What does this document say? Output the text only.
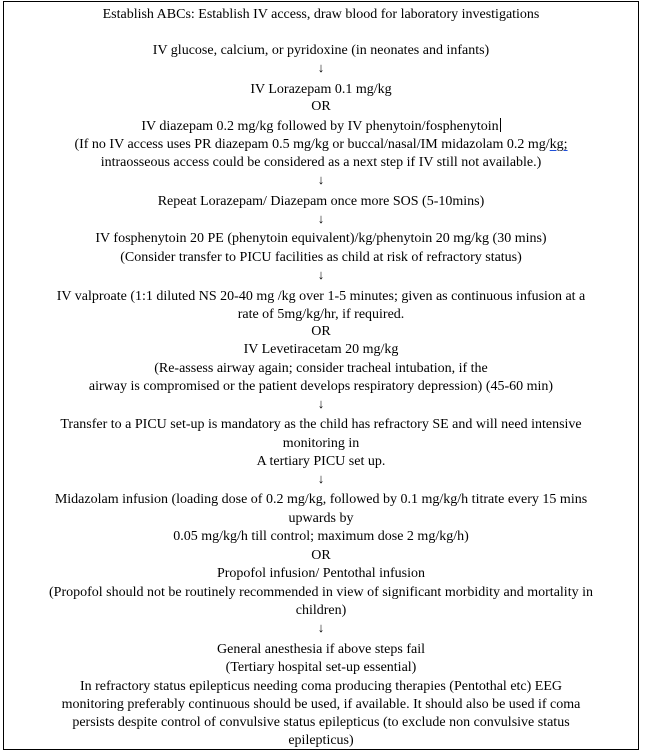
Establish ABCs: Establish IV access, draw blood for laboratory investigations
IV glucose, calcium, or pyridoxine (in neonates and infants)
↓
IV Lorazepam 0.1 mg/kg
OR
IV diazepam 0.2 mg/kg followed by IV phenytoin/fosphenytoin
(If no IV access uses PR diazepam 0.5 mg/kg or buccal/nasal/IM midazolam 0.2 mg/kg;
intraosseous access could be considered as a next step if IV still not available.)
↓
Repeat Lorazepam/ Diazepam once more SOS (5-10mins)
↓
IV fosphenytoin 20 PE (phenytoin equivalent)/kg/phenytoin 20 mg/kg (30 mins)
(Consider transfer to PICU facilities as child at risk of refractory status)
↓
IV valproate (1:1 diluted NS 20-40 mg /kg over 1-5 minutes; given as continuous infusion at a
rate of 5mg/kg/hr, if required.
OR
IV Levetiracetam 20 mg/kg
(Re-assess airway again; consider tracheal intubation, if the
airway is compromised or the patient develops respiratory depression) (45-60 min)
↓
Transfer to a PICU set-up is mandatory as the child has refractory SE and will need intensive
monitoring in
A tertiary PICU set up.
↓
Midazolam infusion (loading dose of 0.2 mg/kg, followed by 0.1 mg/kg/h titrate every 15 mins
upwards by
0.05 mg/kg/h till control; maximum dose 2 mg/kg/h)
OR
Propofol infusion/ Pentothal infusion
(Propofol should not be routinely recommended in view of significant morbidity and mortality in
children)
↓
General anesthesia if above steps fail
(Tertiary hospital set-up essential)
In refractory status epilepticus needing coma producing therapies (Pentothal etc) EEG
monitoring preferably continuous should be used, if available. It should also be used if coma
persists despite control of convulsive status epilepticus (to exclude non convulsive status
epilepticus)
